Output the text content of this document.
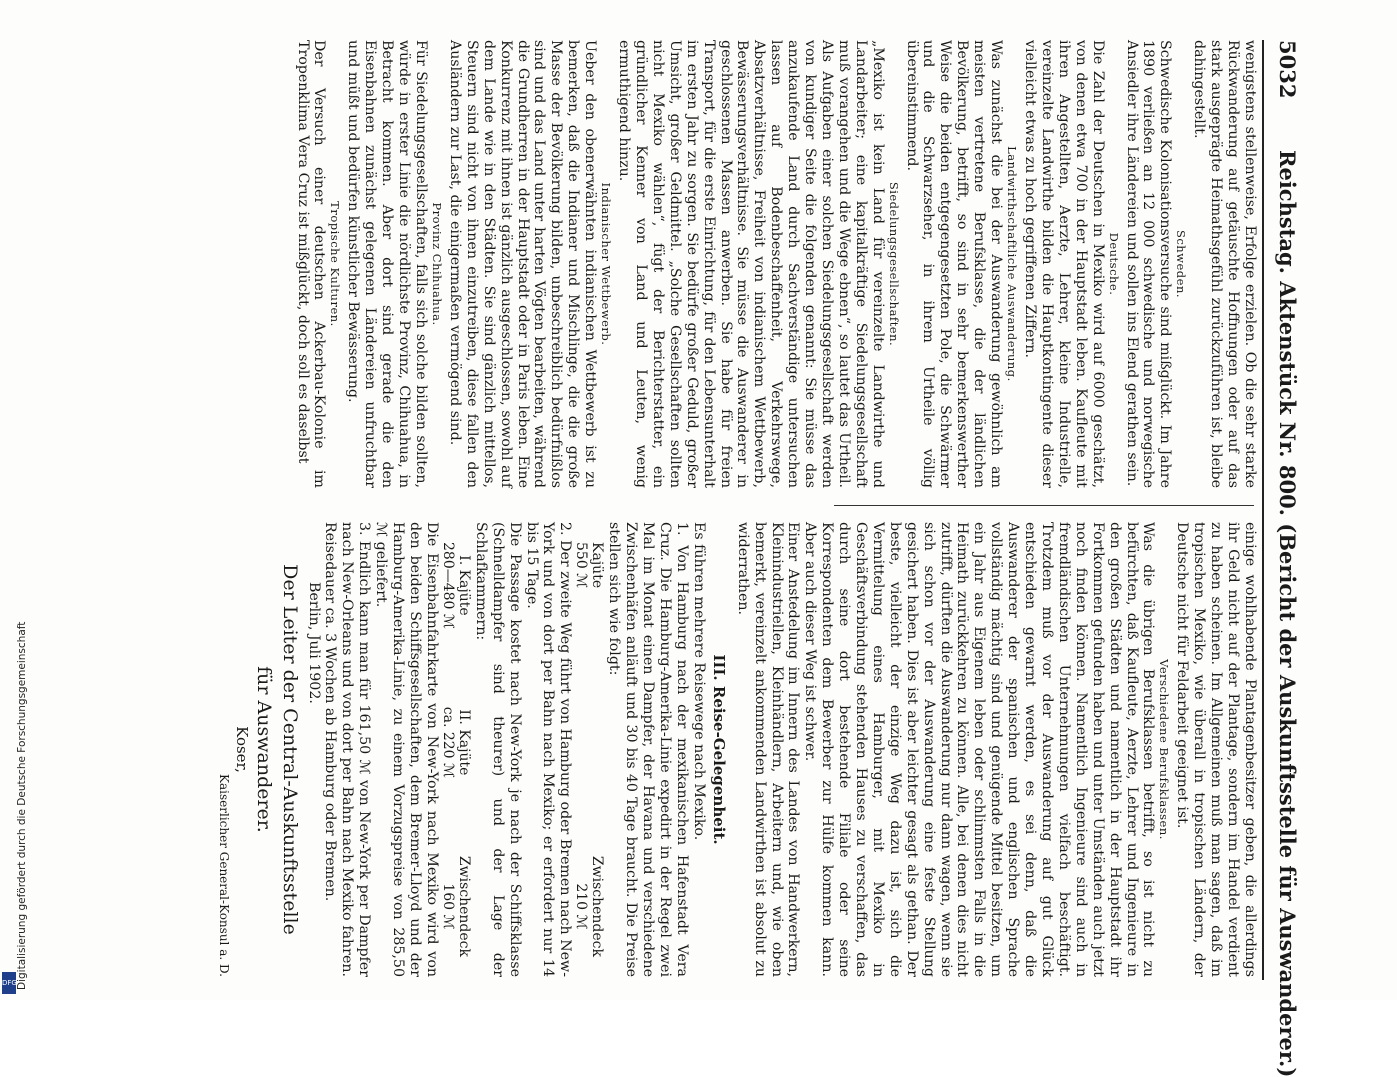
Digitalisierung gefördert durch die Deutsche Forschungsgemeinschaft
DFG
5032
Reichstag. Aktenstück Nr. 800. (Bericht der Auskunftsstelle für Auswanderer.)

wenigstens stellenweise, Erfolge erzielen. Ob die sehr starke Rückwanderung auf getäuschte Hoffnungen oder auf das stark ausgeprägte Heimathsgefühl zurückzuführen ist, bleibe dahingestellt.

Schweden.

Schwedische Kolonisationsversuche sind mißglückt. Im Jahre 1890 verließen an 12 000 schwedische und norwegische Ansiedler ihre Ländereien und sollen ins Elend gerathen sein.

Deutsche.

Die Zahl der Deutschen in Mexiko wird auf 6000 geschätzt, von denen etwa 700 in der Hauptstadt leben. Kaufleute mit ihren Angestellten, Aerzte, Lehrer, kleine Industrielle, vereinzelte Landwirthe bilden die Hauptkontingente dieser vielleicht etwas zu hoch gegriffenen Ziffern.

Landwirthschaftliche Auswanderung.

Was zunächst die bei der Auswanderung gewöhnlich am meisten vertretene Berufsklasse, die der ländlichen Bevölkerung, betrifft, so sind in sehr bemerkenswerther Weise die beiden entgegengesetzten Pole, die Schwärmer und die Schwarzseher, in ihrem Urtheile völlig übereinstimmend.

Siedelungsgesellschaften.

„Mexiko ist kein Land für vereinzelte Landwirthe und Landarbeiter; eine kapitalkräftige Siedelungsgesellschaft muß vorangehen und die Wege ebnen“, so lautet das Urtheil. Als Aufgaben einer solchen Siedelungsgesellschaft werden von kundiger Seite die folgenden genannt: Sie müsse das anzukaufende Land durch Sachverständige untersuchen lassen auf Bodenbeschaffenheit, Verkehrswege, Absatzverhältnisse, Freiheit von indianischem Wettbewerb, Bewässerungsverhältnisse. Sie müsse die Auswanderer in geschlossenen Massen anwerben. Sie habe für freien Transport, für die erste Einrichtung, für den Lebensunterhalt im ersten Jahr zu sorgen. Sie bedürfe großer Geduld, großer Umsicht, großer Geldmittel. „Solche Gesellschaften sollten nicht Mexiko wählen“, fügt der Berichterstatter, ein gründlicher Kenner von Land und Leuten, wenig ermuthigend hinzu.

Indianischer Wettbewerb.

Ueber den obenerwähnten indianischen Wettbewerb ist zu bemerken, daß die Indianer und Mischlinge, die die große Masse der Bevölkerung bilden, unbeschreiblich bedürfnißlos sind und das Land unter harten Vögten bearbeiten, während die Grundherren in der Hauptstadt oder in Paris leben. Eine Konkurrenz mit ihnen ist gänzlich ausgeschlossen, sowohl auf dem Lande wie in den Städten. Sie sind gänzlich mittellos, Steuern sind nicht von ihnen einzutreiben, diese fallen den Ausländern zur Last, die einigermaßen vermögend sind.

Provinz Chihuahua.

Für Siedelungsgesellschaften, falls sich solche bilden sollten, würde in erster Linie die nördlichste Provinz, Chihuahua, in Betracht kommen. Aber dort sind gerade die den Eisenbahnen zunächst gelegenen Ländereien unfruchtbar und müßt und bedürfen künstlicher Bewässerung.

Tropische Kulturen.

Der Versuch einer deutschen Ackerbau-Kolonie im Tropenklima Vera Cruz ist mißglückt, doch soll es daselbst

einige wohlhabende Plantagenbesitzer geben, die allerdings ihr Geld nicht auf der Plantage, sondern im Handel verdient zu haben scheinen. Im Allgemeinen muß man sagen, daß im tropischen Mexiko, wie überall in tropischen Ländern, der Deutsche nicht für Feldarbeit geeignet ist.

Verschiedene Berufsklassen.

Was die übrigen Berufsklassen betrifft, so ist nicht zu befürchten, daß Kaufleute, Aerzte, Lehrer und Ingenieure in den großen Städten und namentlich in der Hauptstadt ihr Fortkommen gefunden haben und unter Umständen auch jetzt noch finden können. Namentlich Ingenieure sind auch in fremdländischen Unternehmungen vielfach beschäftigt. Trotzdem muß vor der Auswanderung auf gut Glück entschieden gewarnt werden, es sei denn, daß die Auswanderer der spanischen und englischen Sprache vollständig mächtig sind und genügende Mittel besitzen, um ein Jahr aus Eigenem leben oder schlimmsten Falls in die Heimath zurückkehren zu können. Alle, bei denen dies nicht zutrifft, dürften die Auswanderung nur dann wagen, wenn sie sich schon vor der Auswanderung eine feste Stellung gesichert haben. Dies ist aber leichter gesagt als gethan. Der beste, vielleicht der einzige Weg dazu ist, sich die Vermittelung eines Hamburger, mit Mexiko in Geschäftsverbindung stehenden Hauses zu verschaffen, das durch seine dort bestehende Filiale oder seine Korrespondenten dem Bewerber zur Hülfe kommen kann. Aber auch dieser Weg ist schwer.

Einer Anstedelung im Innern des Landes von Handwerkern, Kleinindustriellen, Kleinhändlern, Arbeitern und, wie oben bemerkt, vereinzelt ankommenden Landwirthen ist absolut zu widerrathen.

III. Reise-Gelegenheit.

Es führen mehrere Reisewege nach Mexiko.
1. Von Hamburg nach der mexikanischen Hafenstadt Vera Cruz. Die Hamburg-Amerika-Linie expedirt in der Regel zwei Mal im Monat einen Dampfer, der Havana und verschiedene Zwischenhäfen anläuft und 30 bis 40 Tage braucht. Die Preise stellen sich wie folgt:

Kajüte
550 ℳ
Zwischendeck
210 ℳ

2. Der zweite Weg führt von Hamburg oder Bremen nach New-York und von dort per Bahn nach Mexiko; er erfordert nur 14 bis 15 Tage.
Die Passage kostet nach New-York je nach der Schiffsklasse (Schnelldampfer sind theurer) und der Lage der Schlafkammern:

I. Kajüte
280—480 ℳ
II. Kajüte
ca. 220 ℳ
Zwischendeck
160 ℳ

Die Eisenbahnfahrkarte von New-York nach Mexiko wird von den beiden Schiffsgesellschaften, dem Bremer-Lloyd und der Hamburg-Amerika-Linie, zu einem Vorzugspreise von 285,50 ℳ geliefert.
3. Endlich kann man für 161,50 ℳ von New-York per Dampfer nach New-Orleans und von dort per Bahn nach Mexiko fahren. Reisedauer ca. 3 Wochen ab Hamburg oder Bremen.

Berlin, Juli 1902.

Der Leiter der Central-Auskunftsstelle

für Auswanderer.

Koser,

Kaiserlicher General-Konsul a. D.
